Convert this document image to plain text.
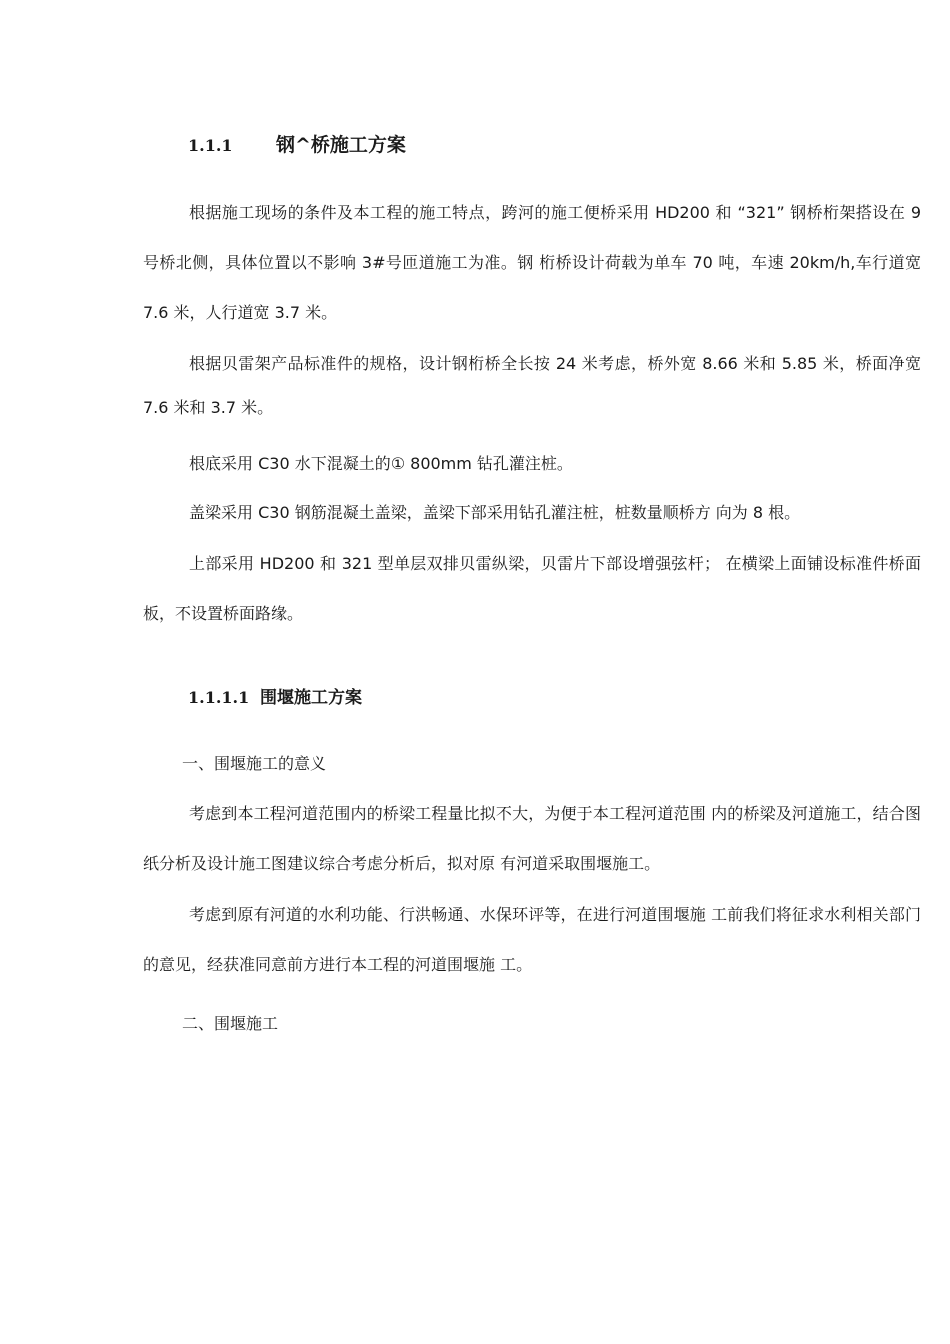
1.1.1 钢^桥施工方案

根据施工现场的条件及本工程的施工特点，跨河的施工便桥采用 HD200 和 “321” 钢桥桁架搭设在 9 号桥北侧，具体位置以不影响 3#号匝道施工为准。钢 桁桥设计荷载为单车 70 吨，车速 20km/h,车行道宽 7.6 米，人行道宽 3.7 米。

根据贝雷架产品标准件的规格，设计钢桁桥全长按 24 米考虑，桥外宽 8.66 米和 5.85 米，桥面净宽 7.6 米和 3.7 米。

根底采用 C30 水下混凝土的① 800mm 钻孔灌注桩。

盖梁采用 C30 钢筋混凝土盖梁，盖梁下部采用钻孔灌注桩，桩数量顺桥方 向为 8 根。

上部采用 HD200 和 321 型单层双排贝雷纵梁，贝雷片下部设增强弦杆； 在横梁上面铺设标准件桥面板，不设置桥面路缘。

1.1.1.1 围堰施工方案
一、围堰施工的意义

考虑到本工程河道范围内的桥梁工程量比拟不大，为便于本工程河道范围 内的桥梁及河道施工，结合图纸分析及设计施工图建议综合考虑分析后，拟对原 有河道采取围堰施工。

考虑到原有河道的水利功能、行洪畅通、水保环评等，在进行河道围堰施 工前我们将征求水利相关部门的意见，经获准同意前方进行本工程的河道围堰施 工。

二、围堰施工
